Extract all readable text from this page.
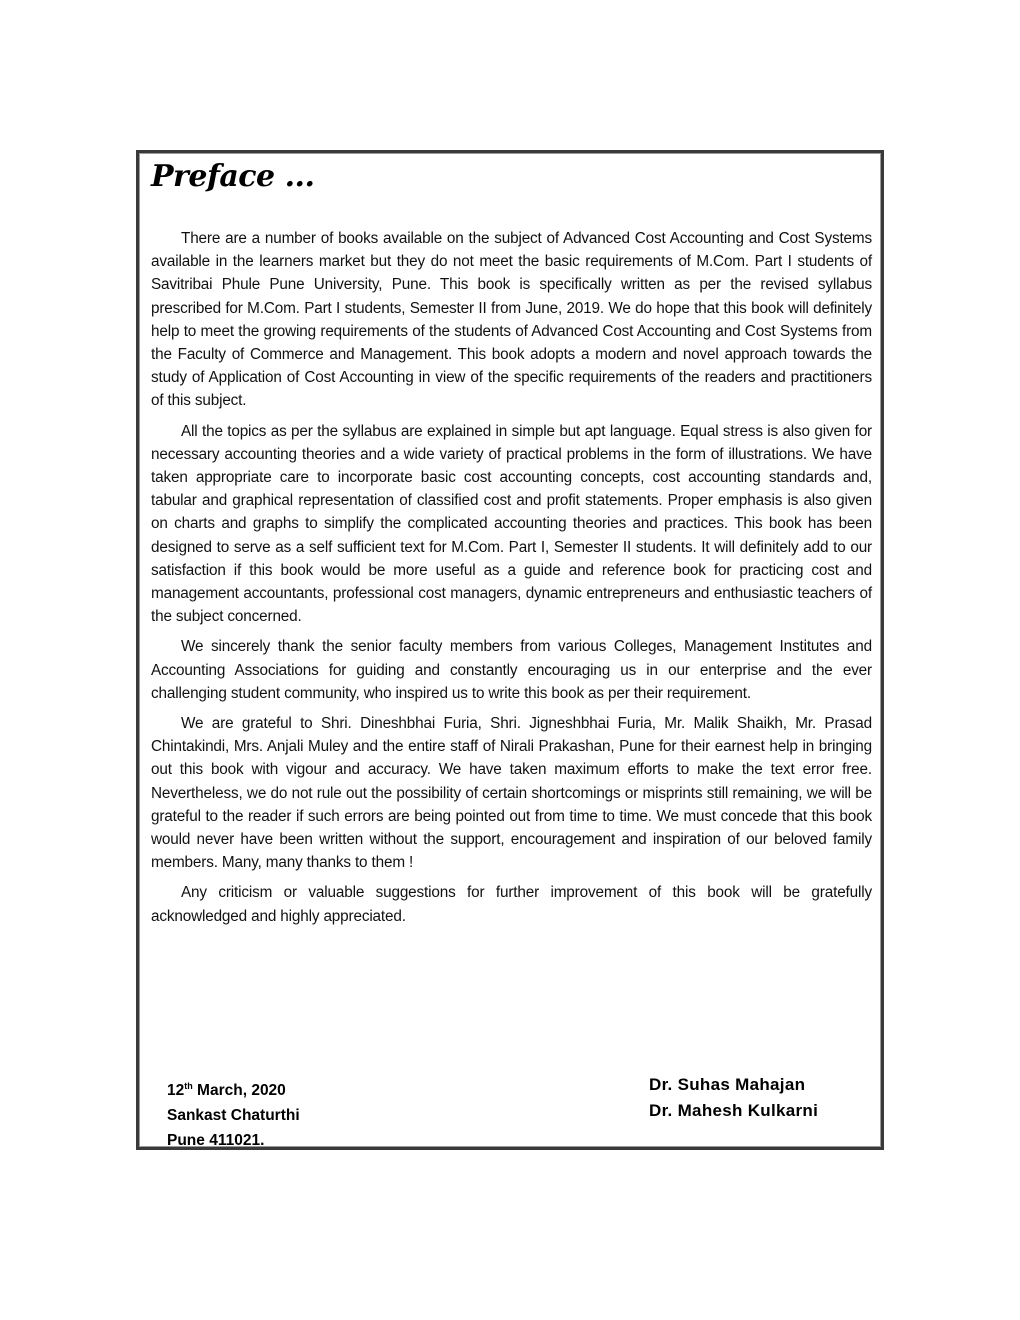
Preface ...

There are a number of books available on the subject of Advanced Cost Accounting and Cost Systems available in the learners market but they do not meet the basic requirements of M.Com. Part I students of Savitribai Phule Pune University, Pune. This book is specifically written as per the revised syllabus prescribed for M.Com. Part I students, Semester II from June, 2019. We do hope that this book will definitely help to meet the growing requirements of the students of Advanced Cost Accounting and Cost Systems from the Faculty of Commerce and Management. This book adopts a modern and novel approach towards the study of Application of Cost Accounting in view of the specific requirements of the readers and practitioners of this subject.

All the topics as per the syllabus are explained in simple but apt language. Equal stress is also given for necessary accounting theories and a wide variety of practical problems in the form of illustrations. We have taken appropriate care to incorporate basic cost accounting concepts, cost accounting standards and, tabular and graphical representation of classified cost and profit statements. Proper emphasis is also given on charts and graphs to simplify the complicated accounting theories and practices. This book has been designed to serve as a self sufficient text for M.Com. Part I, Semester II students. It will definitely add to our satisfaction if this book would be more useful as a guide and reference book for practicing cost and management accountants, professional cost managers, dynamic entrepreneurs and enthusiastic teachers of the subject concerned.

We sincerely thank the senior faculty members from various Colleges, Management Institutes and Accounting Associations for guiding and constantly encouraging us in our enterprise and the ever challenging student community, who inspired us to write this book as per their requirement.

We are grateful to Shri. Dineshbhai Furia, Shri. Jigneshbhai Furia, Mr. Malik Shaikh, Mr. Prasad Chintakindi, Mrs. Anjali Muley and the entire staff of Nirali Prakashan, Pune for their earnest help in bringing out this book with vigour and accuracy. We have taken maximum efforts to make the text error free. Nevertheless, we do not rule out the possibility of certain shortcomings or misprints still remaining, we will be grateful to the reader if such errors are being pointed out from time to time. We must concede that this book would never have been written without the support, encouragement and inspiration of our beloved family members. Many, many thanks to them !

Any criticism or valuable suggestions for further improvement of this book will be gratefully acknowledged and highly appreciated.

12th March, 2020
Sankast Chaturthi
Pune 411021.
Dr. Suhas Mahajan
Dr. Mahesh Kulkarni
